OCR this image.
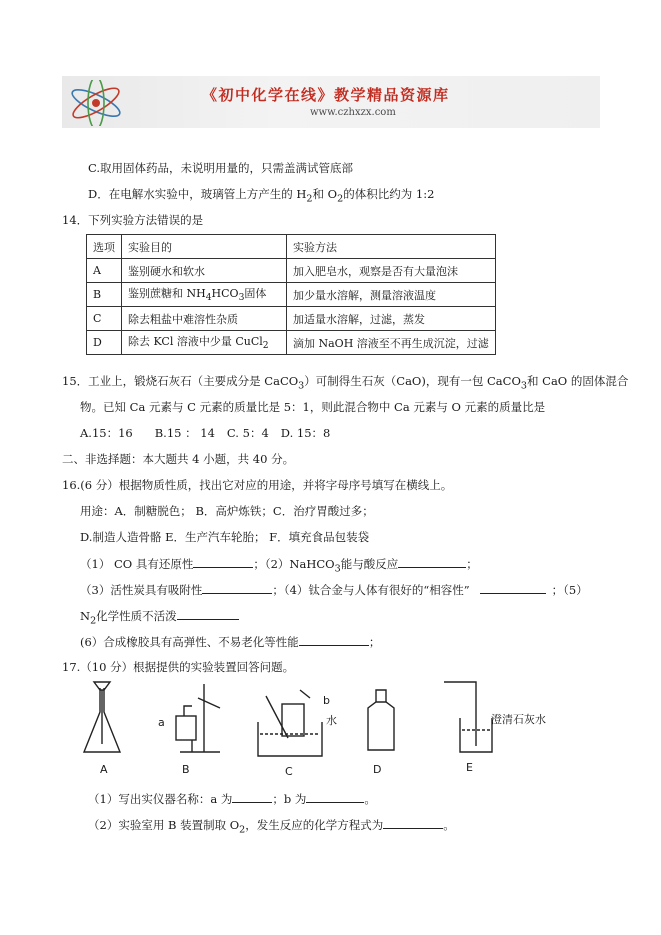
《初中化学在线》教学精品资源库
www.czhxzx.com
C.取用固体药品，未说明用量的，只需盖满试管底部
D．在电解水实验中，玻璃管上方产生的 $H_2$和 $O_2$的体积比约为 1:2
14．下列实验方法错误的是
选项	实验目的	实验方法
A	鉴别硬水和软水	加入肥皂水，观察是否有大量泡沫
B	鉴别蔗糖和 $NH_4HCO_3$固体	加少量水溶解，测量溶液温度
C	除去粗盐中难溶性杂质	加适量水溶解，过滤，蒸发
D	除去 KCl 溶液中少量 CuCl$_2$	滴加 NaOH 溶液至不再生成沉淀，过滤
15．工业上，锻烧石灰石（主要成分是 CaCO$_3$）可制得生石灰（CaO)，现有一包 CaCO$_3$和 CaO 的固体混合
物。已知 Ca 元素与 C 元素的质量比是 5：1，则此混合物中 Ca 元素与 O 元素的质量比是
A.15：16 B.15 ： 14 C. 5：4 D. 15：8
二、非选择题：本大题共 4 小题，共 40 分。
16.(6 分）根据物质性质，找出它对应的用途，并将字母序号填写在横线上。
用途：A．制糖脱色； B．高炉炼铁；C．治疗胃酸过多；
D.制造人造骨骼 E．生产汽车轮胎； F．填充食品包装袋
（1） CO 具有还原性	；（2）NaHCO$_3$能与酸反应	；
（3）活性炭具有吸附性	；（4）钛合金与人体有很好的“相容性”	；（5）
$N_2$化学性质不活泼
(6）合成橡胶具有高弹性、不易老化等性能	；
17.（10 分）根据提供的实验装置回答问题。
a
b
水	澄清石灰水
A	B	C	D	E
（1）写出实仪器名称：a 为	；b 为	。
（2）实验室用 B 装置制取 $O_2$，发生反应的化学方程式为	。
